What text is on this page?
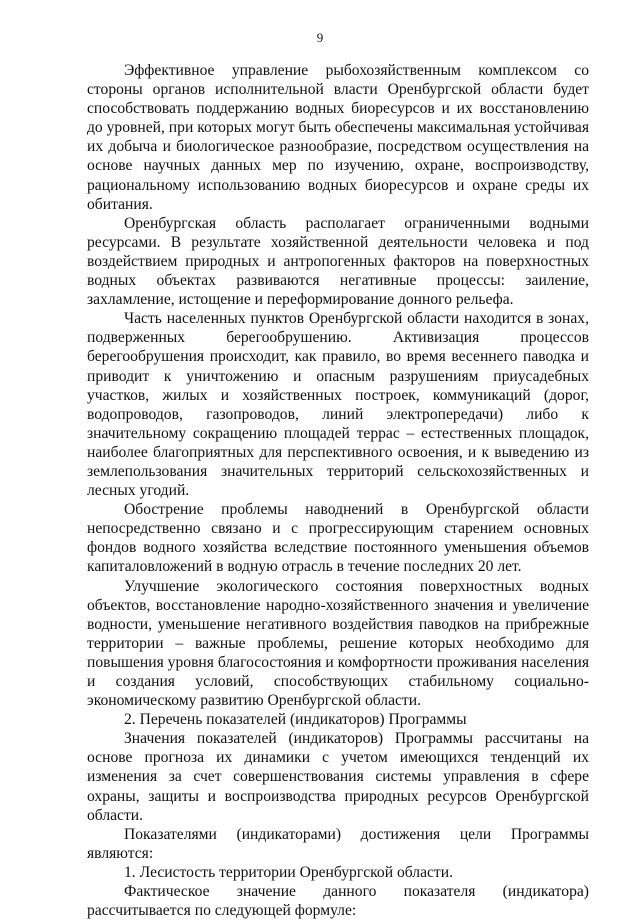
9

Эффективное управление рыбохозяйственным комплексом со стороны органов исполнительной власти Оренбургской области будет способствовать поддержанию водных биоресурсов и их восстановлению до уровней, при которых могут быть обеспечены максимальная устойчивая их добыча и биологическое разнообразие, посредством осуществления на основе научных данных мер по изучению, охране, воспроизводству, рациональному использованию водных биоресурсов и охране среды их обитания.

Оренбургская область располагает ограниченными водными ресурсами. В результате хозяйственной деятельности человека и под воздействием природных и антропогенных факторов на поверхностных водных объектах развиваются негативные процессы: заиление, захламление, истощение и переформирование донного рельефа.

Часть населенных пунктов Оренбургской области находится в зонах, подверженных берегообрушению. Активизация процессов берегообрушения происходит, как правило, во время весеннего паводка и приводит к уничтожению и опасным разрушениям приусадебных участков, жилых и хозяйственных построек, коммуникаций (дорог, водопроводов, газопроводов, линий электропередачи) либо к значительному сокращению площадей террас – естественных площадок, наиболее благоприятных для перспективного освоения, и к выведению из землепользования значительных территорий сельскохозяйственных и лесных угодий.

Обострение проблемы наводнений в Оренбургской области непосредственно связано и с прогрессирующим старением основных фондов водного хозяйства вследствие постоянного уменьшения объемов капиталовложений в водную отрасль в течение последних 20 лет.

Улучшение экологического состояния поверхностных водных объектов, восстановление народно-хозяйственного значения и увеличение водности, уменьшение негативного воздействия паводков на прибрежные территории – важные проблемы, решение которых необходимо для повышения уровня благосостояния и комфортности проживания населения и создания условий, способствующих стабильному социально-экономическому развитию Оренбургской области.

2. Перечень показателей (индикаторов) Программы

Значения показателей (индикаторов) Программы рассчитаны на основе прогноза их динамики с учетом имеющихся тенденций их изменения за счет совершенствования системы управления в сфере охраны, защиты и воспроизводства природных ресурсов Оренбургской области.

Показателями (индикаторами) достижения цели Программы являются:

1. Лесистость территории Оренбургской области.

Фактическое значение данного показателя (индикатора) рассчитывается по следующей формуле:
